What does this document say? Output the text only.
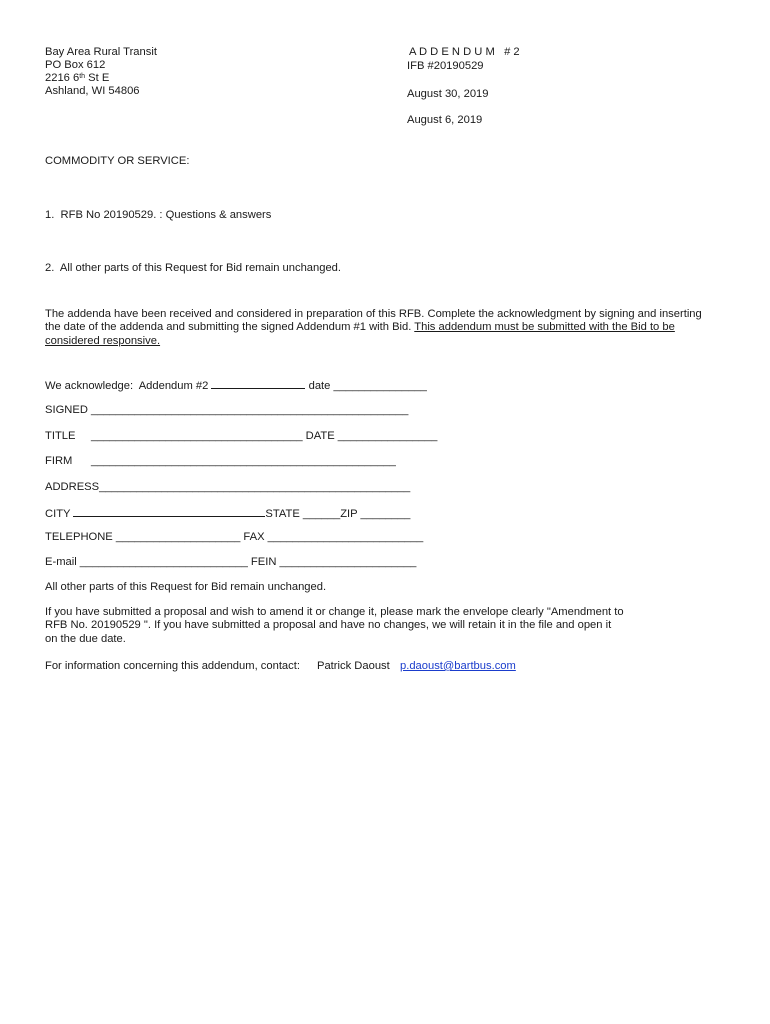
Bay Area Rural Transit
PO Box 612
2216 6th St E
Ashland, WI 54806
A D D E N D U M   # 2
IFB #20190529
August 30, 2019
August 6, 2019
COMMODITY OR SERVICE:
1.  RFB No 20190529. : Questions & answers
2.  All other parts of this Request for Bid remain unchanged.
The addenda have been received and considered in preparation of this RFB. Complete the acknowledgment by signing and inserting
the date of the addenda and submitting the signed Addendum #1 with Bid. This addendum must be submitted with the Bid to be
considered responsive.
We acknowledge:  Addendum #2	date _______________
SIGNED ___________________________________________________
TITLE __________________________________ DATE ________________
FIRM _________________________________________________
ADDRESS__________________________________________________
CITY	STATE ______ZIP ________
TELEPHONE ____________________ FAX _________________________
E-mail ___________________________ FEIN ______________________
All other parts of this Request for Bid remain unchanged.
If you have submitted a proposal and wish to amend it or change it, please mark the envelope clearly "Amendment to
RFB No. 20190529 ". If you have submitted a proposal and have no changes, we will retain it in the file and open it
on the due date.
For information concerning this addendum, contact: Patrick Daoust p.daoust@bartbus.com
